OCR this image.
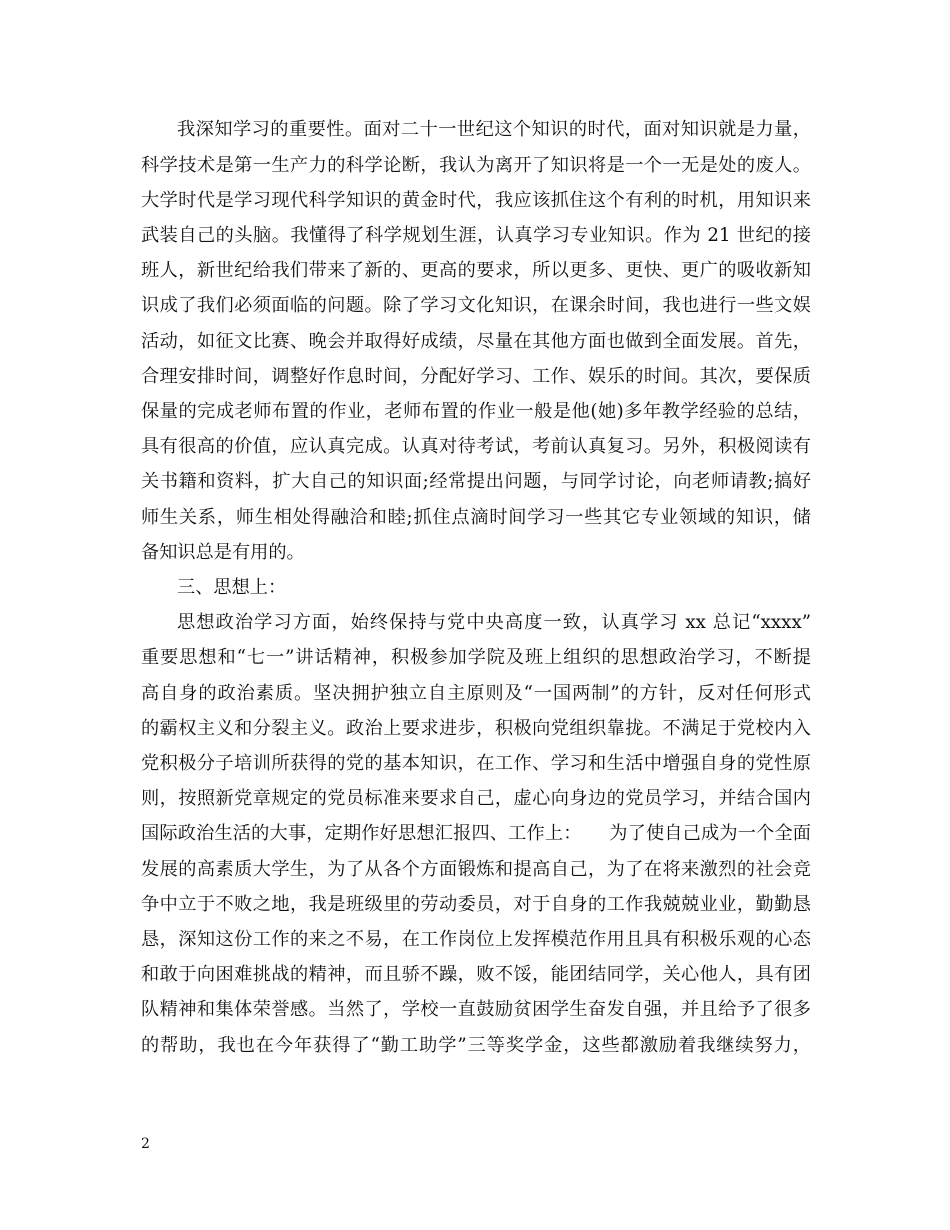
我深知学习的重要性。面对二十一世纪这个知识的时代，面对知识就是力量，
科学技术是第一生产力的科学论断，我认为离开了知识将是一个一无是处的废人。
大学时代是学习现代科学知识的黄金时代，我应该抓住这个有利的时机，用知识来
武装自己的头脑。我懂得了科学规划生涯，认真学习专业知识。作为 21 世纪的接
班人，新世纪给我们带来了新的、更高的要求，所以更多、更快、更广的吸收新知
识成了我们必须面临的问题。除了学习文化知识，在课余时间，我也进行一些文娱
活动，如征文比赛、晚会并取得好成绩，尽量在其他方面也做到全面发展。首先，
合理安排时间，调整好作息时间，分配好学习、工作、娱乐的时间。其次，要保质
保量的完成老师布置的作业，老师布置的作业一般是他(她)多年教学经验的总结，
具有很高的价值，应认真完成。认真对待考试，考前认真复习。另外，积极阅读有
关书籍和资料，扩大自己的知识面;经常提出问题，与同学讨论，向老师请教;搞好
师生关系，师生相处得融洽和睦;抓住点滴时间学习一些其它专业领域的知识，储
备知识总是有用的。
三、思想上：
思想政治学习方面，始终保持与党中央高度一致，认真学习 xx 总记“xxxx”
重要思想和“七一”讲话精神，积极参加学院及班上组织的思想政治学习，不断提
高自身的政治素质。坚决拥护独立自主原则及“一国两制”的方针，反对任何形式
的霸权主义和分裂主义。政治上要求进步，积极向党组织靠拢。不满足于党校内入
党积极分子培训所获得的党的基本知识，在工作、学习和生活中增强自身的党性原
则，按照新党章规定的党员标准来要求自己，虚心向身边的党员学习，并结合国内
国际政治生活的大事，定期作好思想汇报四、工作上：　　为了使自己成为一个全面
发展的高素质大学生，为了从各个方面锻炼和提高自己，为了在将来激烈的社会竞
争中立于不败之地，我是班级里的劳动委员，对于自身的工作我兢兢业业，勤勤恳
恳，深知这份工作的来之不易，在工作岗位上发挥模范作用且具有积极乐观的心态
和敢于向困难挑战的精神，而且骄不躁，败不馁，能团结同学，关心他人，具有团
队精神和集体荣誉感。当然了，学校一直鼓励贫困学生奋发自强，并且给予了很多
的帮助，我也在今年获得了“勤工助学”三等奖学金，这些都激励着我继续努力，
2
